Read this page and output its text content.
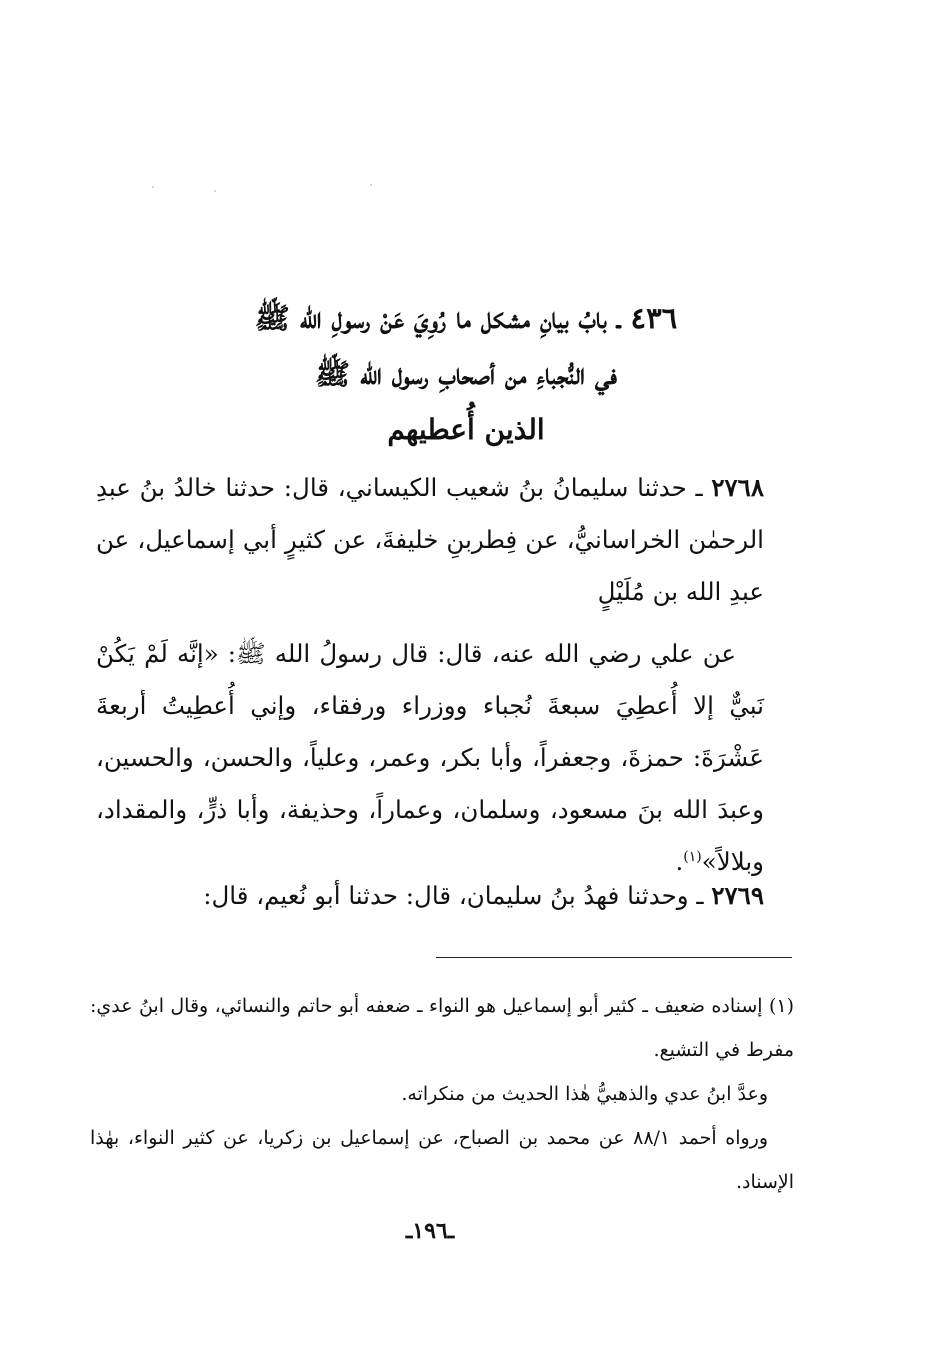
٤٣٦ ـ بابُ بيانِ مشكل ما رُوِيَ عَنْ رسولِ الله ﷺ
في النُّجباءِ من أصحابِ رسول الله ﷺ
الذين أُعطيهم
٢٧٦٨ ـ حدثنا سليمانُ بنُ شعيب الكيساني، قال: حدثنا خالدُ بنُ عبدِ الرحمٰن الخراسانيُّ، عن فِطربنِ خليفةَ، عن كثيرٍ أبي إسماعيل، عن عبدِ الله بن مُلَيْلٍ
عن علي رضي الله عنه، قال: قال رسولُ الله ﷺ: «إنَّه لَمْ يَكُنْ نَبيٌّ إلا أُعطِيَ سبعةَ نُجباء ووزراء ورفقاء، وإني أُعطِيتُ أربعةَ عَشْرَةَ: حمزةَ، وجعفراً، وأبا بكر، وعمر، وعلياً، والحسن، والحسين، وعبدَ الله بنَ مسعود، وسلمان، وعماراً، وحذيفة، وأبا ذرٍّ، والمقداد، وبلالاً»$^{(١)}$.
٢٧٦٩ ـ وحدثنا فهدُ بنُ سليمان، قال: حدثنا أبو نُعيم، قال:

(١) إسناده ضعيف ـ كثير أبو إسماعيل هو النواء ـ ضعفه أبو حاتم والنسائي، وقال ابنُ عدي: مفرط في التشيع.

وعدَّ ابنُ عدي والذهبيُّ هٰذا الحديث من منكراته.

ورواه أحمد ٨٨/١ عن محمد بن الصباح، عن إسماعيل بن زكريا، عن كثير النواء، بهٰذا الإسناد.

ـ١٩٦ـ
